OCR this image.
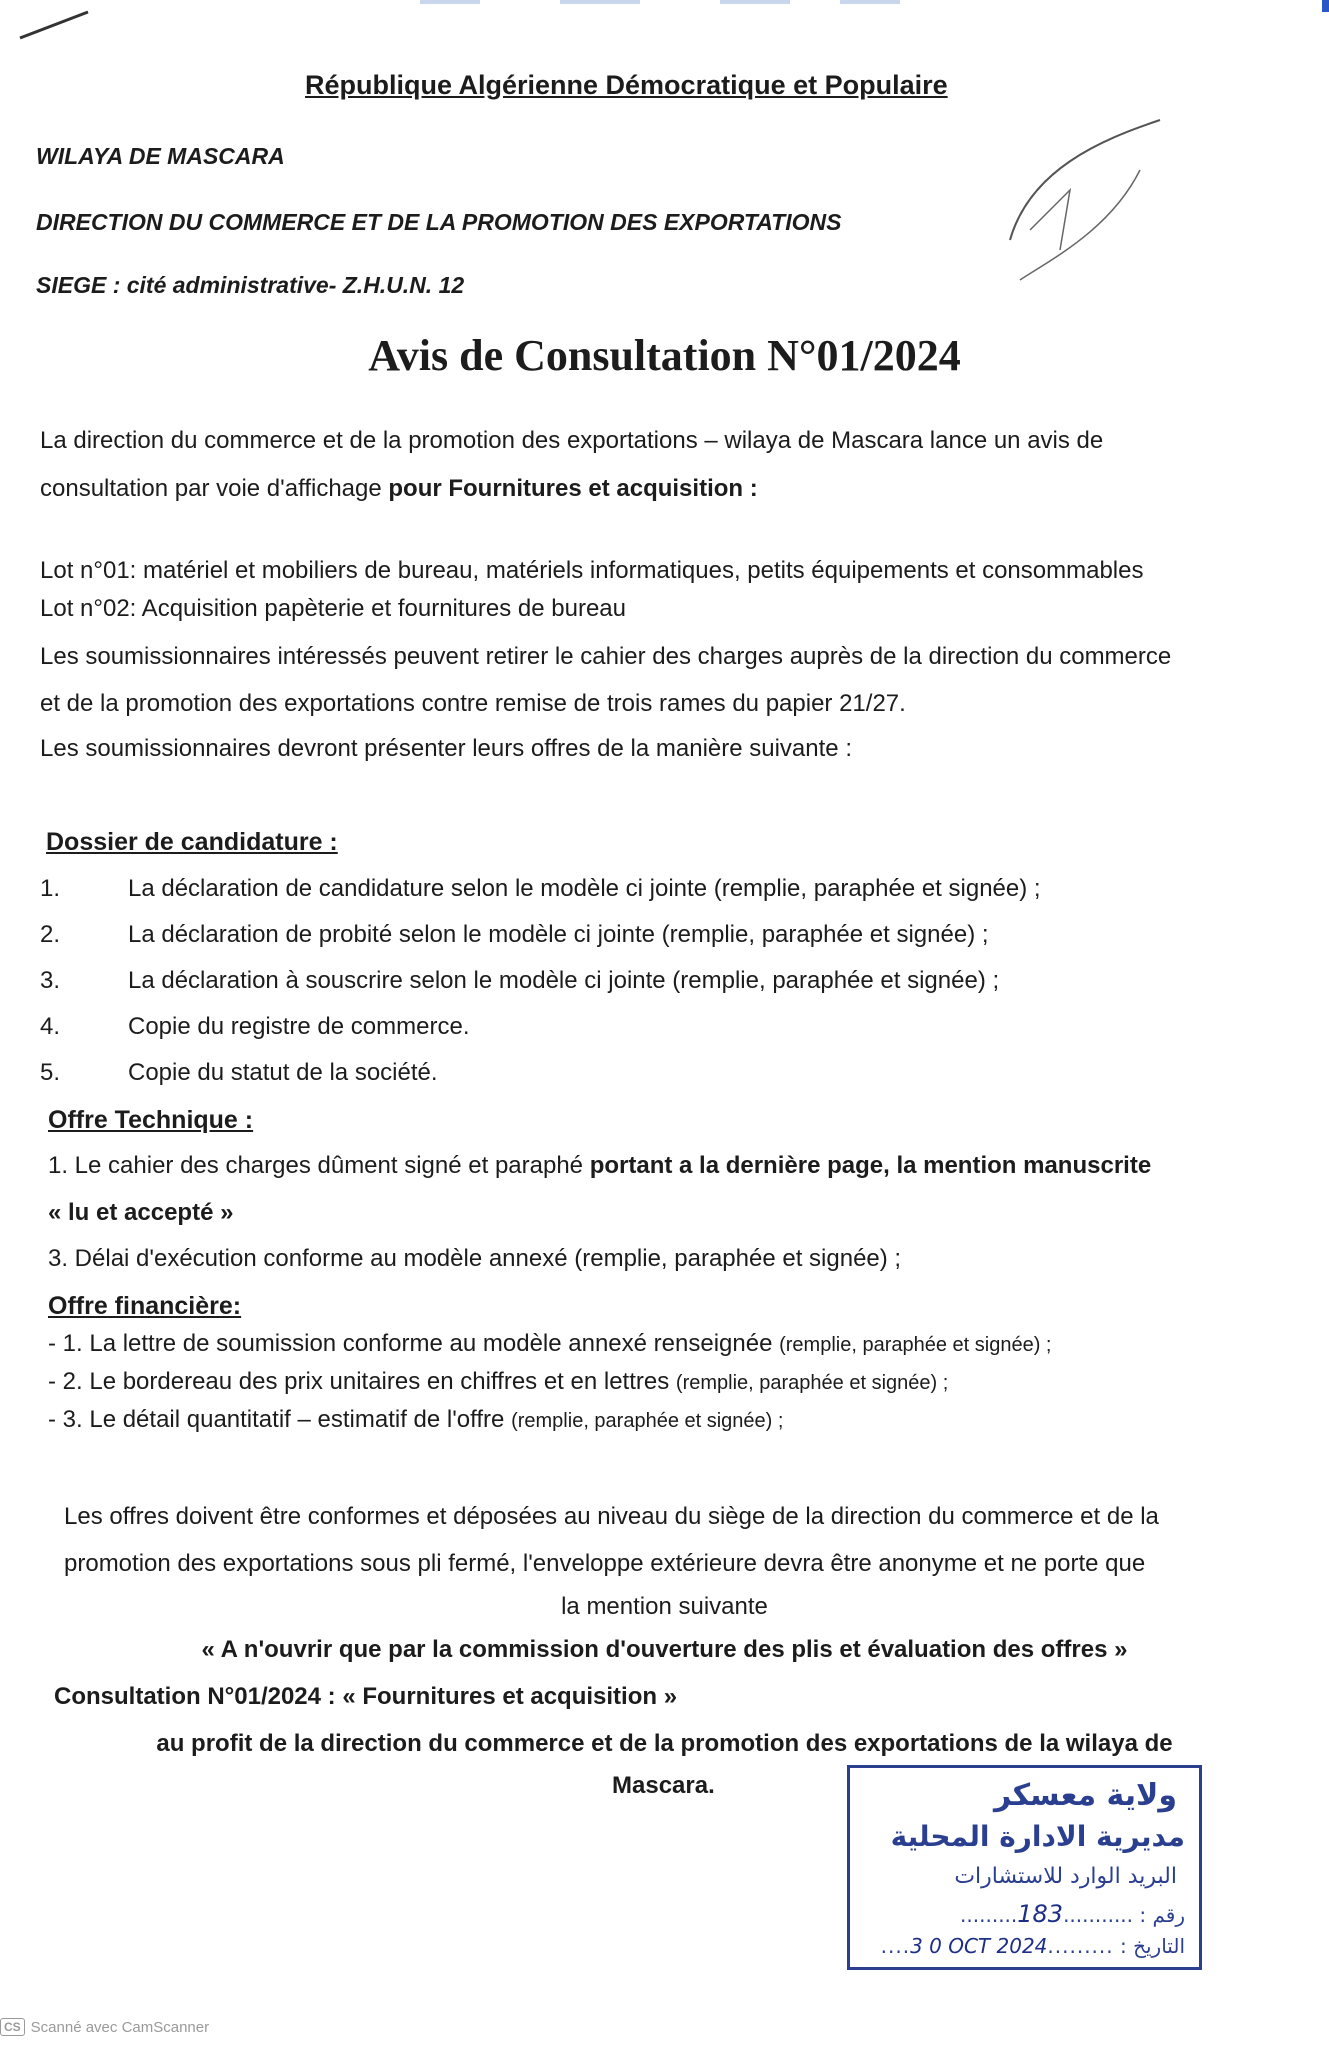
République Algérienne Démocratique et Populaire
WILAYA DE MASCARA
DIRECTION DU COMMERCE ET DE LA PROMOTION DES EXPORTATIONS
SIEGE : cité administrative- Z.H.U.N. 12
Avis de Consultation N°01/2024
La direction du commerce et de la promotion des exportations – wilaya de Mascara lance un avis de
consultation par voie d'affichage pour Fournitures et acquisition :
Lot n°01: matériel et mobiliers de bureau, matériels informatiques, petits équipements et consommables
Lot n°02: Acquisition papèterie et fournitures de bureau
Les soumissionnaires intéressés peuvent retirer le cahier des charges auprès de la direction du commerce
et de la promotion des exportations contre remise de trois rames du papier 21/27.
Les soumissionnaires devront présenter leurs offres de la manière suivante :
Dossier de candidature :
1.	La déclaration de candidature selon le modèle ci jointe (remplie, paraphée et signée) ;
2.	La déclaration de probité selon le modèle ci jointe (remplie, paraphée et signée) ;
3.	La déclaration à souscrire selon le modèle ci jointe (remplie, paraphée et signée) ;
4.	Copie du registre de commerce.
5.	Copie du statut de la société.
Offre Technique :
1. Le cahier des charges dûment signé et paraphé portant a la dernière page, la mention manuscrite
« lu et accepté »
3. Délai d'exécution conforme au modèle annexé (remplie, paraphée et signée) ;
Offre financière:
- 1. La lettre de soumission conforme au modèle annexé renseignée (remplie, paraphée et signée) ;
- 2. Le bordereau des prix unitaires en chiffres et en lettres (remplie, paraphée et signée) ;
- 3. Le détail quantitatif – estimatif de l'offre (remplie, paraphée et signée) ;
Les offres doivent être conformes et déposées au niveau du siège de la direction du commerce et de la
promotion des exportations sous pli fermé, l'enveloppe extérieure devra être anonyme et ne porte que
la mention suivante
« A n'ouvrir que par la commission d'ouverture des plis et évaluation des offres »
Consultation N°01/2024 : « Fournitures et acquisition »
au profit de la direction du commerce et de la promotion des exportations de la wilaya de
Mascara.	ولاية معسكر
مديرية الادارة المحلية
البريد الوارد للاستشارات
.........183........... رقم :
....3 0 OCT 2024......... التاريخ :
CS Scanné avec CamScanner
